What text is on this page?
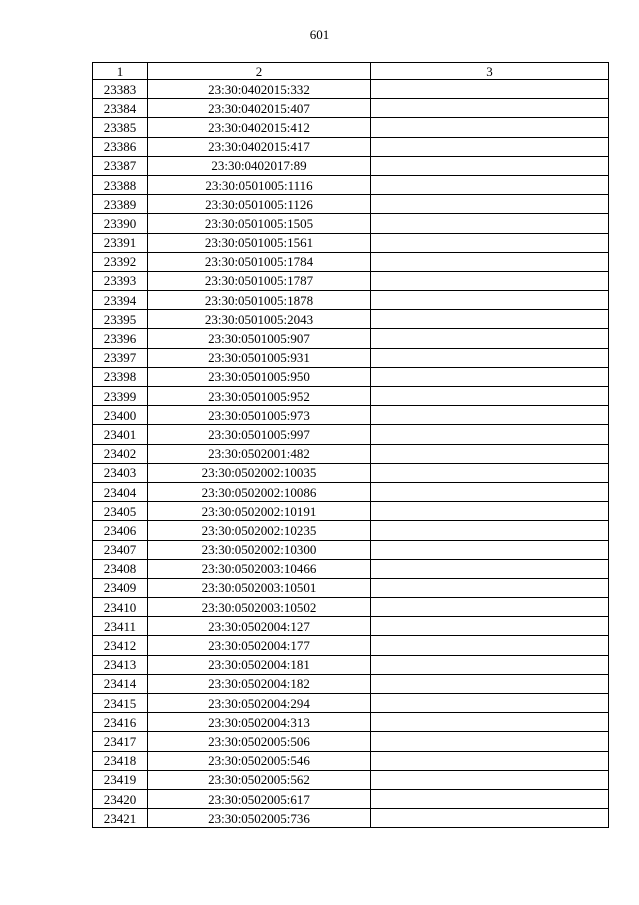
601
1	2	3
23383	23:30:0402015:332	
23384	23:30:0402015:407	
23385	23:30:0402015:412	
23386	23:30:0402015:417	
23387	23:30:0402017:89	
23388	23:30:0501005:1116	
23389	23:30:0501005:1126	
23390	23:30:0501005:1505	
23391	23:30:0501005:1561	
23392	23:30:0501005:1784	
23393	23:30:0501005:1787	
23394	23:30:0501005:1878	
23395	23:30:0501005:2043	
23396	23:30:0501005:907	
23397	23:30:0501005:931	
23398	23:30:0501005:950	
23399	23:30:0501005:952	
23400	23:30:0501005:973	
23401	23:30:0501005:997	
23402	23:30:0502001:482	
23403	23:30:0502002:10035	
23404	23:30:0502002:10086	
23405	23:30:0502002:10191	
23406	23:30:0502002:10235	
23407	23:30:0502002:10300	
23408	23:30:0502003:10466	
23409	23:30:0502003:10501	
23410	23:30:0502003:10502	
23411	23:30:0502004:127	
23412	23:30:0502004:177	
23413	23:30:0502004:181	
23414	23:30:0502004:182	
23415	23:30:0502004:294	
23416	23:30:0502004:313	
23417	23:30:0502005:506	
23418	23:30:0502005:546	
23419	23:30:0502005:562	
23420	23:30:0502005:617	
23421	23:30:0502005:736	
